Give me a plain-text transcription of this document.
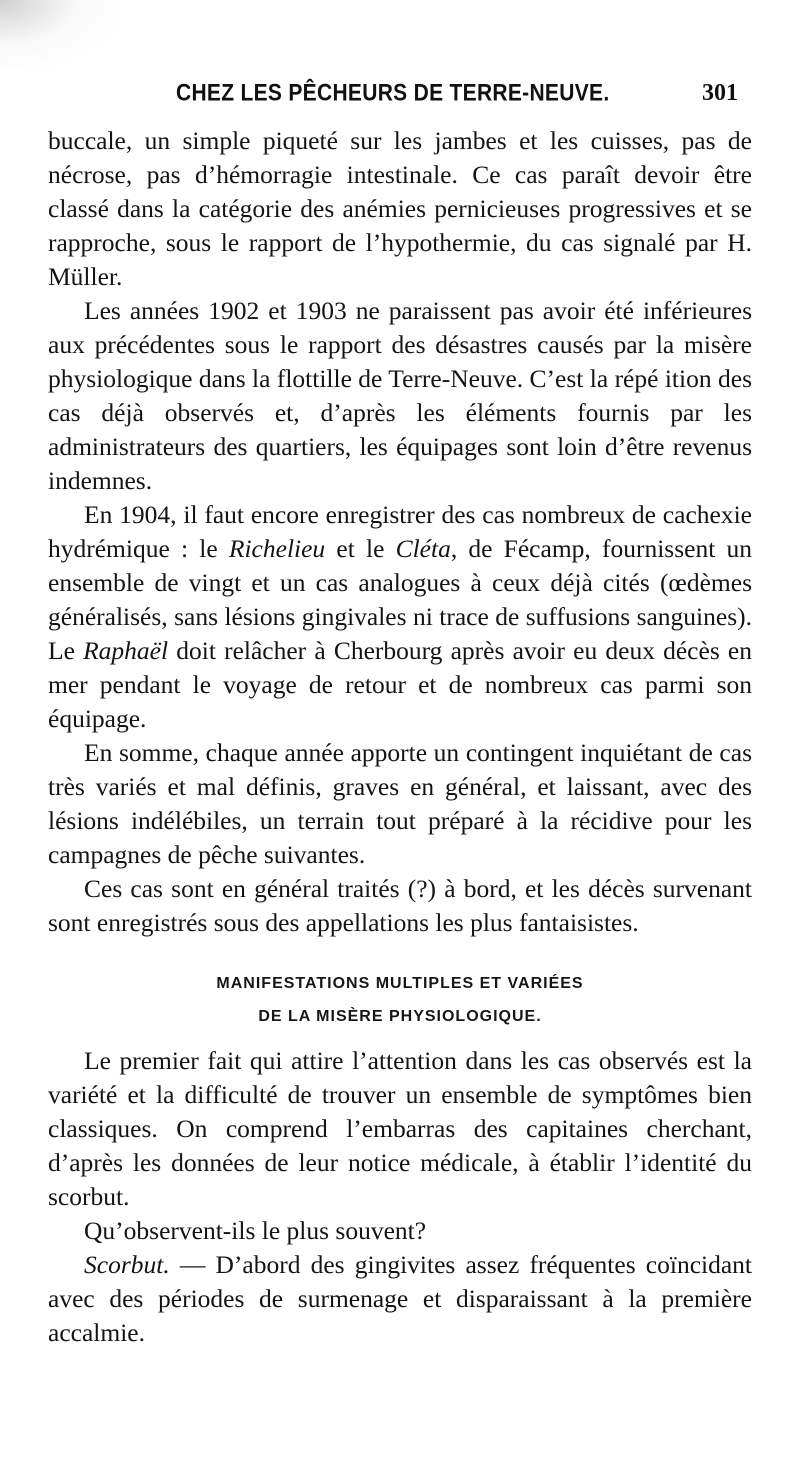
CHEZ LES PÊCHEURS DE TERRE-NEUVE.	301

buccale, un simple piqueté sur les jambes et les cuisses, pas de nécrose, pas d’hémorragie intestinale. Ce cas paraît devoir être classé dans la catégorie des anémies pernicieuses progressives et se rapproche, sous le rapport de l’hypothermie, du cas signalé par H. Müller.

Les années 1902 et 1903 ne paraissent pas avoir été inférieures aux précédentes sous le rapport des désastres causés par la misère physiologique dans la flottille de Terre-Neuve. C’est la répé ition des cas déjà observés et, d’après les éléments fournis par les administrateurs des quartiers, les équipages sont loin d’être revenus indemnes.

En 1904, il faut encore enregistrer des cas nombreux de cachexie hydrémique : le Richelieu et le Cléta, de Fécamp, fournissent un ensemble de vingt et un cas analogues à ceux déjà cités (œdèmes généralisés, sans lésions gingivales ni trace de suffusions sanguines). Le Raphaël doit relâcher à Cherbourg après avoir eu deux décès en mer pendant le voyage de retour et de nombreux cas parmi son équipage.

En somme, chaque année apporte un contingent inquiétant de cas très variés et mal définis, graves en général, et laissant, avec des lésions indélébiles, un terrain tout préparé à la récidive pour les campagnes de pêche suivantes.

Ces cas sont en général traités (?) à bord, et les décès survenant sont enregistrés sous des appellations les plus fantaisistes.

MANIFESTATIONS MULTIPLES ET VARIÉES
DE LA MISÈRE PHYSIOLOGIQUE.

Le premier fait qui attire l’attention dans les cas observés est la variété et la difficulté de trouver un ensemble de symptômes bien classiques. On comprend l’embarras des capitaines cherchant, d’après les données de leur notice médicale, à établir l’identité du scorbut.

Qu’observent-ils le plus souvent?

Scorbut. — D’abord des gingivites assez fréquentes coïncidant avec des périodes de surmenage et disparaissant à la première accalmie.
